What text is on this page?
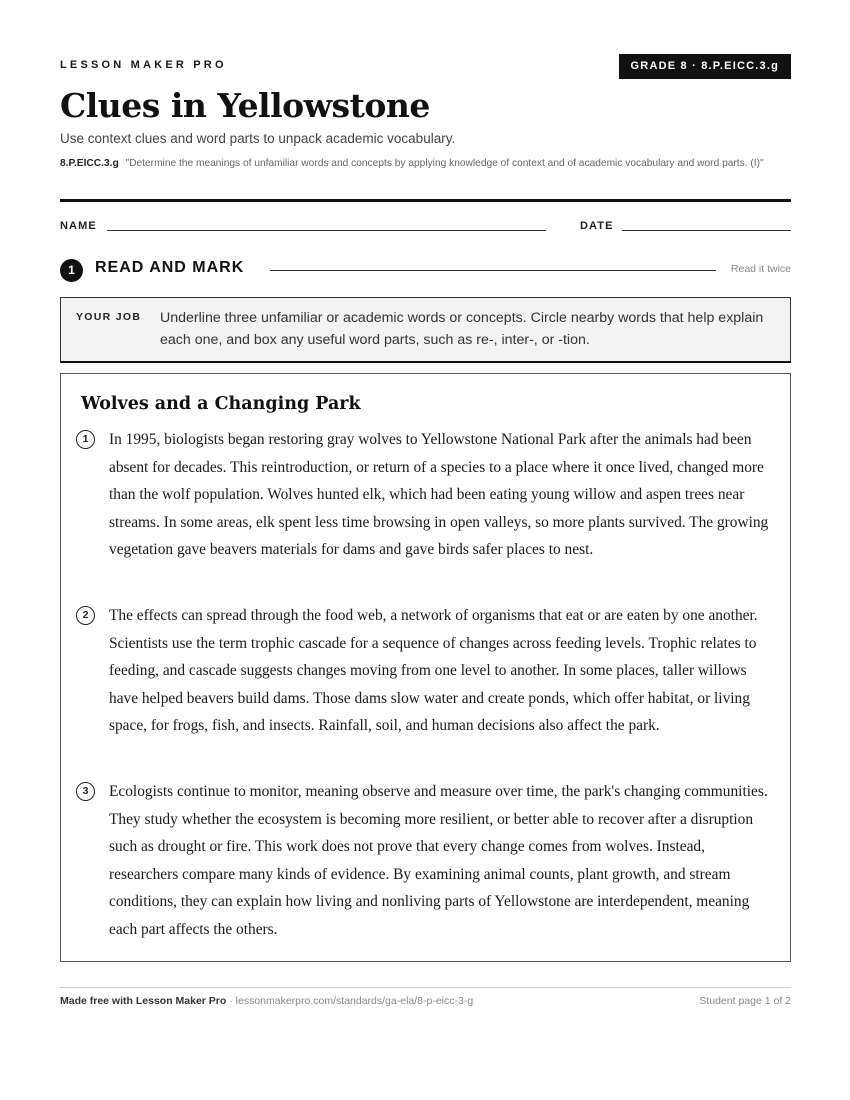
LESSON MAKER PRO	GRADE 8 · 8.P.EICC.3.g
Clues in Yellowstone
Use context clues and word parts to unpack academic vocabulary.
8.P.EICC.3.g "Determine the meanings of unfamiliar words and concepts by applying knowledge of context and of academic vocabulary and word parts. (I)"
NAME	DATE
1	READ AND MARK	Read it twice
YOUR JOB Underline three unfamiliar or academic words or concepts. Circle nearby words that help explain each one, and box any useful word parts, such as re-, inter-, or -tion.
Wolves and a Changing Park
1	In 1995, biologists began restoring gray wolves to Yellowstone National Park after the animals had been absent for decades. This reintroduction, or return of a species to a place where it once lived, changed more than the wolf population. Wolves hunted elk, which had been eating young willow and aspen trees near streams. In some areas, elk spent less time browsing in open valleys, so more plants survived. The growing vegetation gave beavers materials for dams and gave birds safer places to nest.

2	The effects can spread through the food web, a network of organisms that eat or are eaten by one another. Scientists use the term trophic cascade for a sequence of changes across feeding levels. Trophic relates to feeding, and cascade suggests changes moving from one level to another. In some places, taller willows have helped beavers build dams. Those dams slow water and create ponds, which offer habitat, or living space, for frogs, fish, and insects. Rainfall, soil, and human decisions also affect the park.

3	Ecologists continue to monitor, meaning observe and measure over time, the park's changing communities. They study whether the ecosystem is becoming more resilient, or better able to recover after a disruption such as drought or fire. This work does not prove that every change comes from wolves. Instead, researchers compare many kinds of evidence. By examining animal counts, plant growth, and stream conditions, they can explain how living and nonliving parts of Yellowstone are interdependent, meaning each part affects the others.

Made free with Lesson Maker Pro · lessonmakerpro.com/standards/ga-ela/8-p-eicc-3-g	Student page 1 of 2
